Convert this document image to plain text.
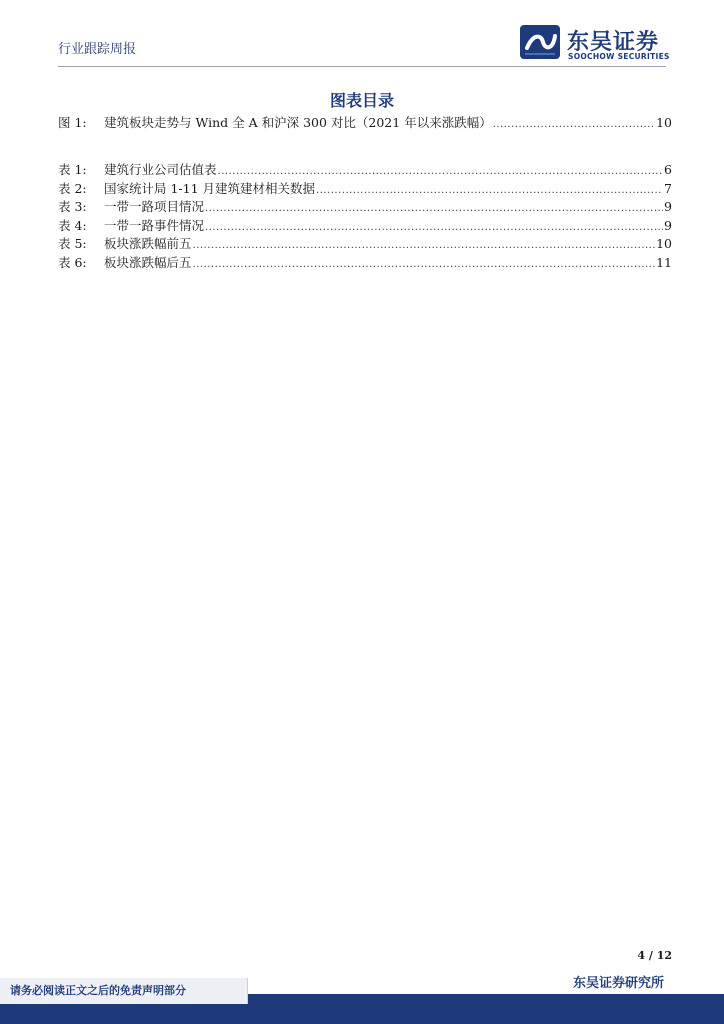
行业跟踪周报	东吴证券
SOOCHOW SECURITIES
图表目录
图 1:	建筑板块走势与 Wind 全 A 和沪深 300 对比（2021 年以来涨跌幅） .....	10
表 1:	建筑行业公司估值表 .....	6
表 2:	国家统计局 1-11 月建筑建材相关数据 .....	7
表 3:	一带一路项目情况 .....	9
表 4:	一带一路事件情况 .....	9
表 5:	板块涨跌幅前五 .....	10
表 6:	板块涨跌幅后五 .....	11
4 / 12
东吴证券研究所
请务必阅读正文之后的免责声明部分
